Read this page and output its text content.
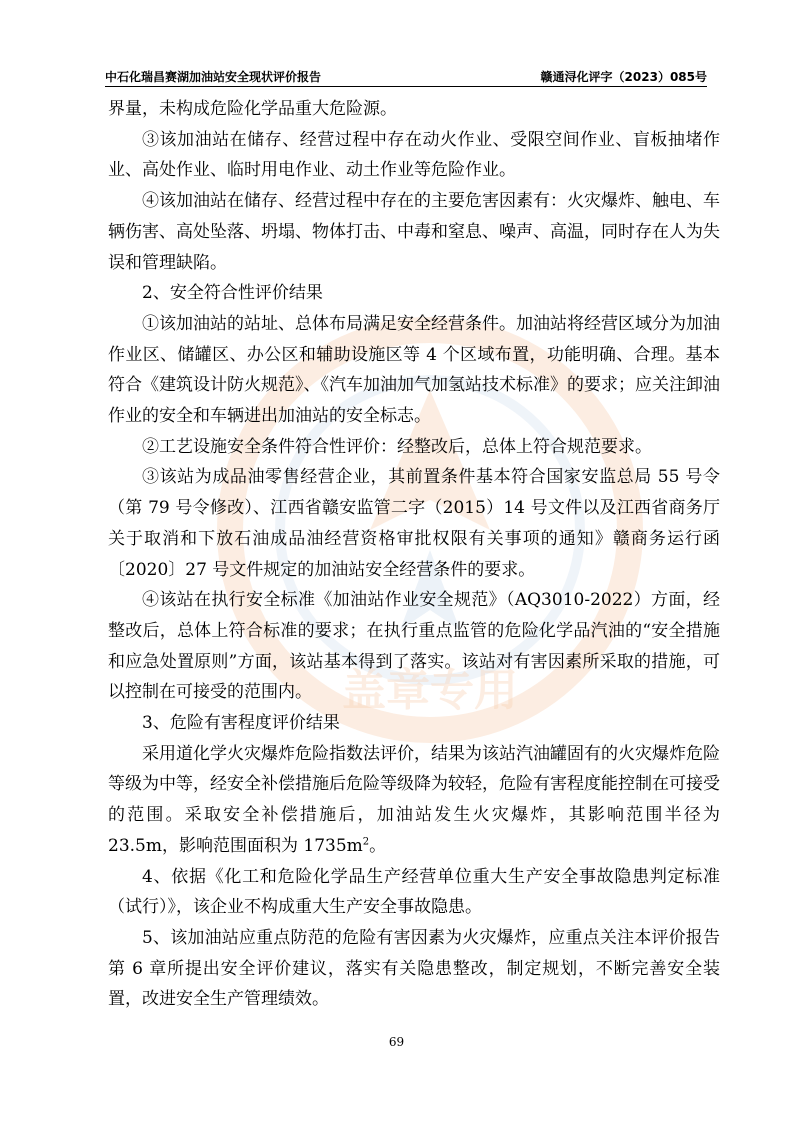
盖章专用
中石化瑞昌赛湖加油站安全现状评价报告	赣通浔化评字（2023）085号

界量，未构成危险化学品重大危险源。

③该加油站在储存、经营过程中存在动火作业、受限空间作业、盲板抽堵作业、高处作业、临时用电作业、动土作业等危险作业。

④该加油站在储存、经营过程中存在的主要危害因素有：火灾爆炸、触电、车辆伤害、高处坠落、坍塌、物体打击、中毒和窒息、噪声、高温，同时存在人为失误和管理缺陷。

2、安全符合性评价结果

①该加油站的站址、总体布局满足安全经营条件。加油站将经营区域分为加油作业区、储罐区、办公区和辅助设施区等 4 个区域布置，功能明确、合理。基本符合《建筑设计防火规范》、《汽车加油加气加氢站技术标准》的要求；应关注卸油作业的安全和车辆进出加油站的安全标志。

②工艺设施安全条件符合性评价：经整改后，总体上符合规范要求。

③该站为成品油零售经营企业，其前置条件基本符合国家安监总局 55 号令（第 79 号令修改）、江西省赣安监管二字（2015）14 号文件以及江西省商务厅关于取消和下放石油成品油经营资格审批权限有关事项的通知》赣商务运行函〔2020〕27 号文件规定的加油站安全经营条件的要求。

④该站在执行安全标准《加油站作业安全规范》（AQ3010-2022）方面，经整改后，总体上符合标准的要求；在执行重点监管的危险化学品汽油的“安全措施和应急处置原则”方面，该站基本得到了落实。该站对有害因素所采取的措施，可以控制在可接受的范围内。

3、危险有害程度评价结果

采用道化学火灾爆炸危险指数法评价，结果为该站汽油罐固有的火灾爆炸危险等级为中等，经安全补偿措施后危险等级降为较轻，危险有害程度能控制在可接受的范围。采取安全补偿措施后，加油站发生火灾爆炸，其影响范围半径为 23.5m，影响范围面积为 $1735m^2$。

4、依据《化工和危险化学品生产经营单位重大生产安全事故隐患判定标准（试行）》，该企业不构成重大生产安全事故隐患。

5、该加油站应重点防范的危险有害因素为火灾爆炸，应重点关注本评价报告第 6 章所提出安全评价建议，落实有关隐患整改，制定规划，不断完善安全装置，改进安全生产管理绩效。

69
